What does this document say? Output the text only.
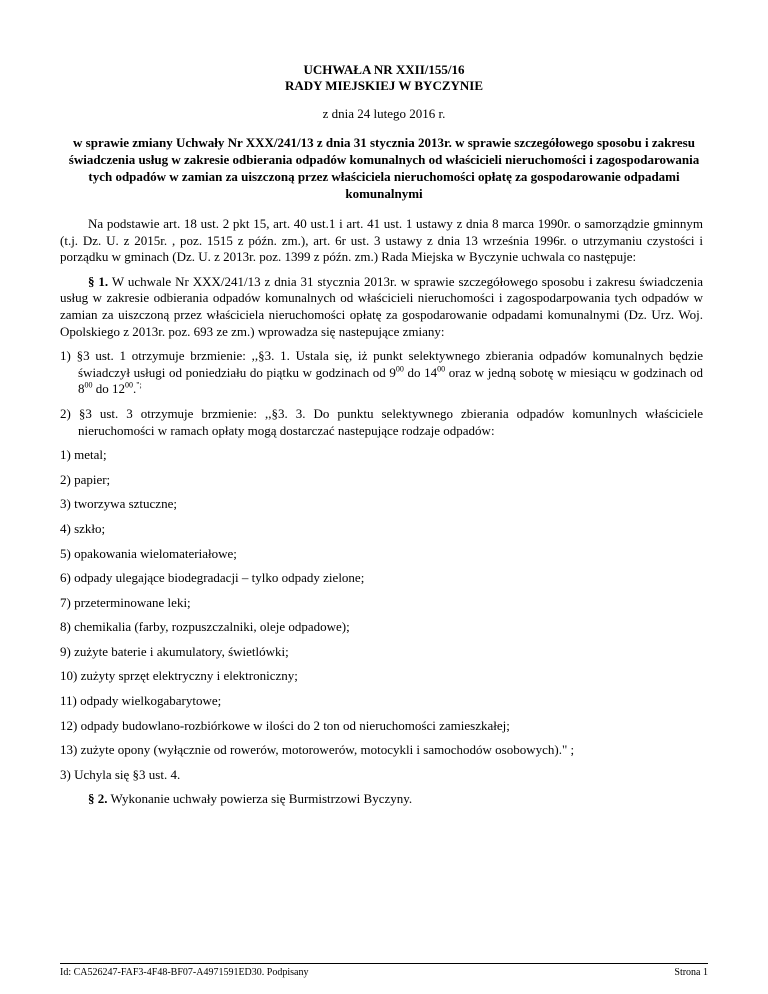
UCHWAŁA NR XXII/155/16
RADY MIEJSKIEJ W BYCZYNIE
z dnia 24 lutego 2016 r.
w sprawie zmiany Uchwały Nr XXX/241/13 z dnia 31 stycznia 2013r. w sprawie szczegółowego sposobu i zakresu świadczenia usług w zakresie odbierania odpadów komunalnych od właścicieli nieruchomości i zagospodarowania tych odpadów w zamian za uiszczoną przez właściciela nieruchomości opłatę za gospodarowanie odpadami komunalnymi

Na podstawie art. 18 ust. 2 pkt 15, art. 40 ust.1 i art. 41 ust. 1 ustawy z dnia 8 marca 1990r. o samorządzie gminnym (t.j. Dz. U. z 2015r. , poz. 1515 z późn. zm.), art. 6r ust. 3 ustawy z dnia 13 września 1996r. o utrzymaniu czystości i porządku w gminach (Dz. U. z 2013r. poz. 1399 z późn. zm.) Rada Miejska w Byczynie uchwala co następuje:

§ 1. W uchwale Nr XXX/241/13 z dnia 31 stycznia 2013r. w sprawie szczegółowego sposobu i zakresu świadczenia usług w zakresie odbierania odpadów komunalnych od właścicieli nieruchomości i zagospodarpowania tych odpadów w zamian za uiszczoną przez właściciela nieruchomości opłatę za gospodarowanie odpadami komunalnymi (Dz. Urz. Woj. Opolskiego z 2013r. poz. 693 ze zm.) wprowadza się nastepujące zmiany:

1) §3 ust. 1 otrzymuje brzmienie: ,,§3. 1. Ustala się, iż punkt selektywnego zbierania odpadów komunalnych będzie świadczył usługi od poniedziału do piątku w godzinach od $9^{00}$ do $14^{00}$ oraz w jedną sobotę w miesiącu w godzinach od $8^{00}$ do $12^{00}.^{";}$

2) §3 ust. 3 otrzymuje brzmienie: ,,§3. 3. Do punktu selektywnego zbierania odpadów komunlnych właściciele nieruchomości w ramach opłaty mogą dostarczać nastepujące rodzaje odpadów:

1) metal;

2) papier;

3) tworzywa sztuczne;

4) szkło;

5) opakowania wielomateriałowe;

6) odpady ulegające biodegradacji – tylko odpady zielone;

7) przeterminowane leki;

8) chemikalia (farby, rozpuszczalniki, oleje odpadowe);

9) zużyte baterie i akumulatory, świetlówki;

10) zużyty sprzęt elektryczny i elektroniczny;

11) odpady wielkogabarytowe;

12) odpady budowlano-rozbiórkowe w ilości do 2 ton od nieruchomości zamieszkałej;

13) zużyte opony (wyłącznie od rowerów, motorowerów, motocykli i samochodów osobowych)." ;

3) Uchyla się §3 ust. 4.

§ 2. Wykonanie uchwały powierza się Burmistrzowi Byczyny.

Id: CA526247-FAF3-4F48-BF07-A4971591ED30. Podpisany	Strona 1
